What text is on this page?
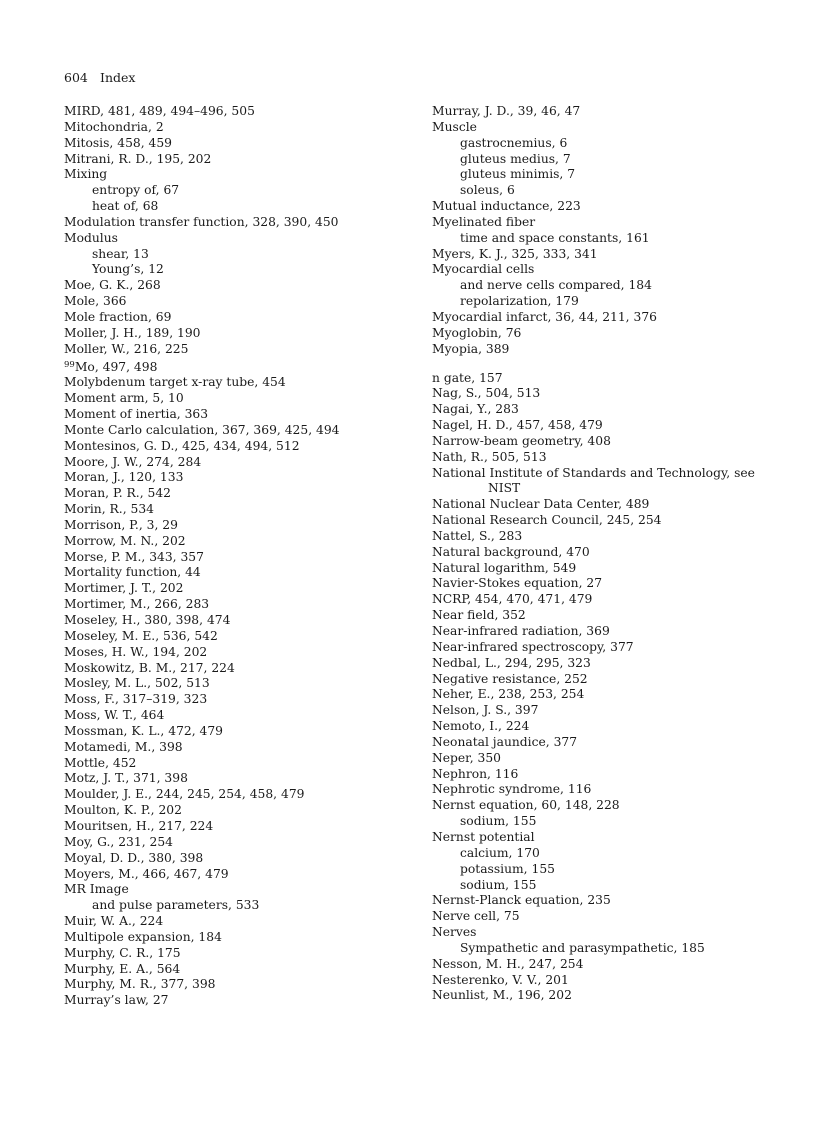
604 Index
MIRD, 481, 489, 494–496, 505
Mitochondria, 2
Mitosis, 458, 459
Mitrani, R. D., 195, 202
Mixing
entropy of, 67
heat of, 68
Modulation transfer function, 328, 390, 450
Modulus
shear, 13
Young’s, 12
Moe, G. K., 268
Mole, 366
Mole fraction, 69
Moller, J. H., 189, 190
Moller, W., 216, 225
$^{99}$Mo, 497, 498
Molybdenum target x-ray tube, 454
Moment arm, 5, 10
Moment of inertia, 363
Monte Carlo calculation, 367, 369, 425, 494
Montesinos, G. D., 425, 434, 494, 512
Moore, J. W., 274, 284
Moran, J., 120, 133
Moran, P. R., 542
Morin, R., 534
Morrison, P., 3, 29
Morrow, M. N., 202
Morse, P. M., 343, 357
Mortality function, 44
Mortimer, J. T., 202
Mortimer, M., 266, 283
Moseley, H., 380, 398, 474
Moseley, M. E., 536, 542
Moses, H. W., 194, 202
Moskowitz, B. M., 217, 224
Mosley, M. L., 502, 513
Moss, F., 317–319, 323
Moss, W. T., 464
Mossman, K. L., 472, 479
Motamedi, M., 398
Mottle, 452
Motz, J. T., 371, 398
Moulder, J. E., 244, 245, 254, 458, 479
Moulton, K. P., 202
Mouritsen, H., 217, 224
Moy, G., 231, 254
Moyal, D. D., 380, 398
Moyers, M., 466, 467, 479
MR Image
and pulse parameters, 533
Muir, W. A., 224
Multipole expansion, 184
Murphy, C. R., 175
Murphy, E. A., 564
Murphy, M. R., 377, 398
Murray’s law, 27
Murray, J. D., 39, 46, 47
Muscle
gastrocnemius, 6
gluteus medius, 7
gluteus minimis, 7
soleus, 6
Mutual inductance, 223
Myelinated fiber
time and space constants, 161
Myers, K. J., 325, 333, 341
Myocardial cells
and nerve cells compared, 184
repolarization, 179
Myocardial infarct, 36, 44, 211, 376
Myoglobin, 76
Myopia, 389
n gate, 157
Nag, S., 504, 513
Nagai, Y., 283
Nagel, H. D., 457, 458, 479
Narrow-beam geometry, 408
Nath, R., 505, 513
National Institute of Standards and Technology, see NIST
National Nuclear Data Center, 489
National Research Council, 245, 254
Nattel, S., 283
Natural background, 470
Natural logarithm, 549
Navier-Stokes equation, 27
NCRP, 454, 470, 471, 479
Near field, 352
Near-infrared radiation, 369
Near-infrared spectroscopy, 377
Nedbal, L., 294, 295, 323
Negative resistance, 252
Neher, E., 238, 253, 254
Nelson, J. S., 397
Nemoto, I., 224
Neonatal jaundice, 377
Neper, 350
Nephron, 116
Nephrotic syndrome, 116
Nernst equation, 60, 148, 228
sodium, 155
Nernst potential
calcium, 170
potassium, 155
sodium, 155
Nernst-Planck equation, 235
Nerve cell, 75
Nerves
Sympathetic and parasympathetic, 185
Nesson, M. H., 247, 254
Nesterenko, V. V., 201
Neunlist, M., 196, 202
